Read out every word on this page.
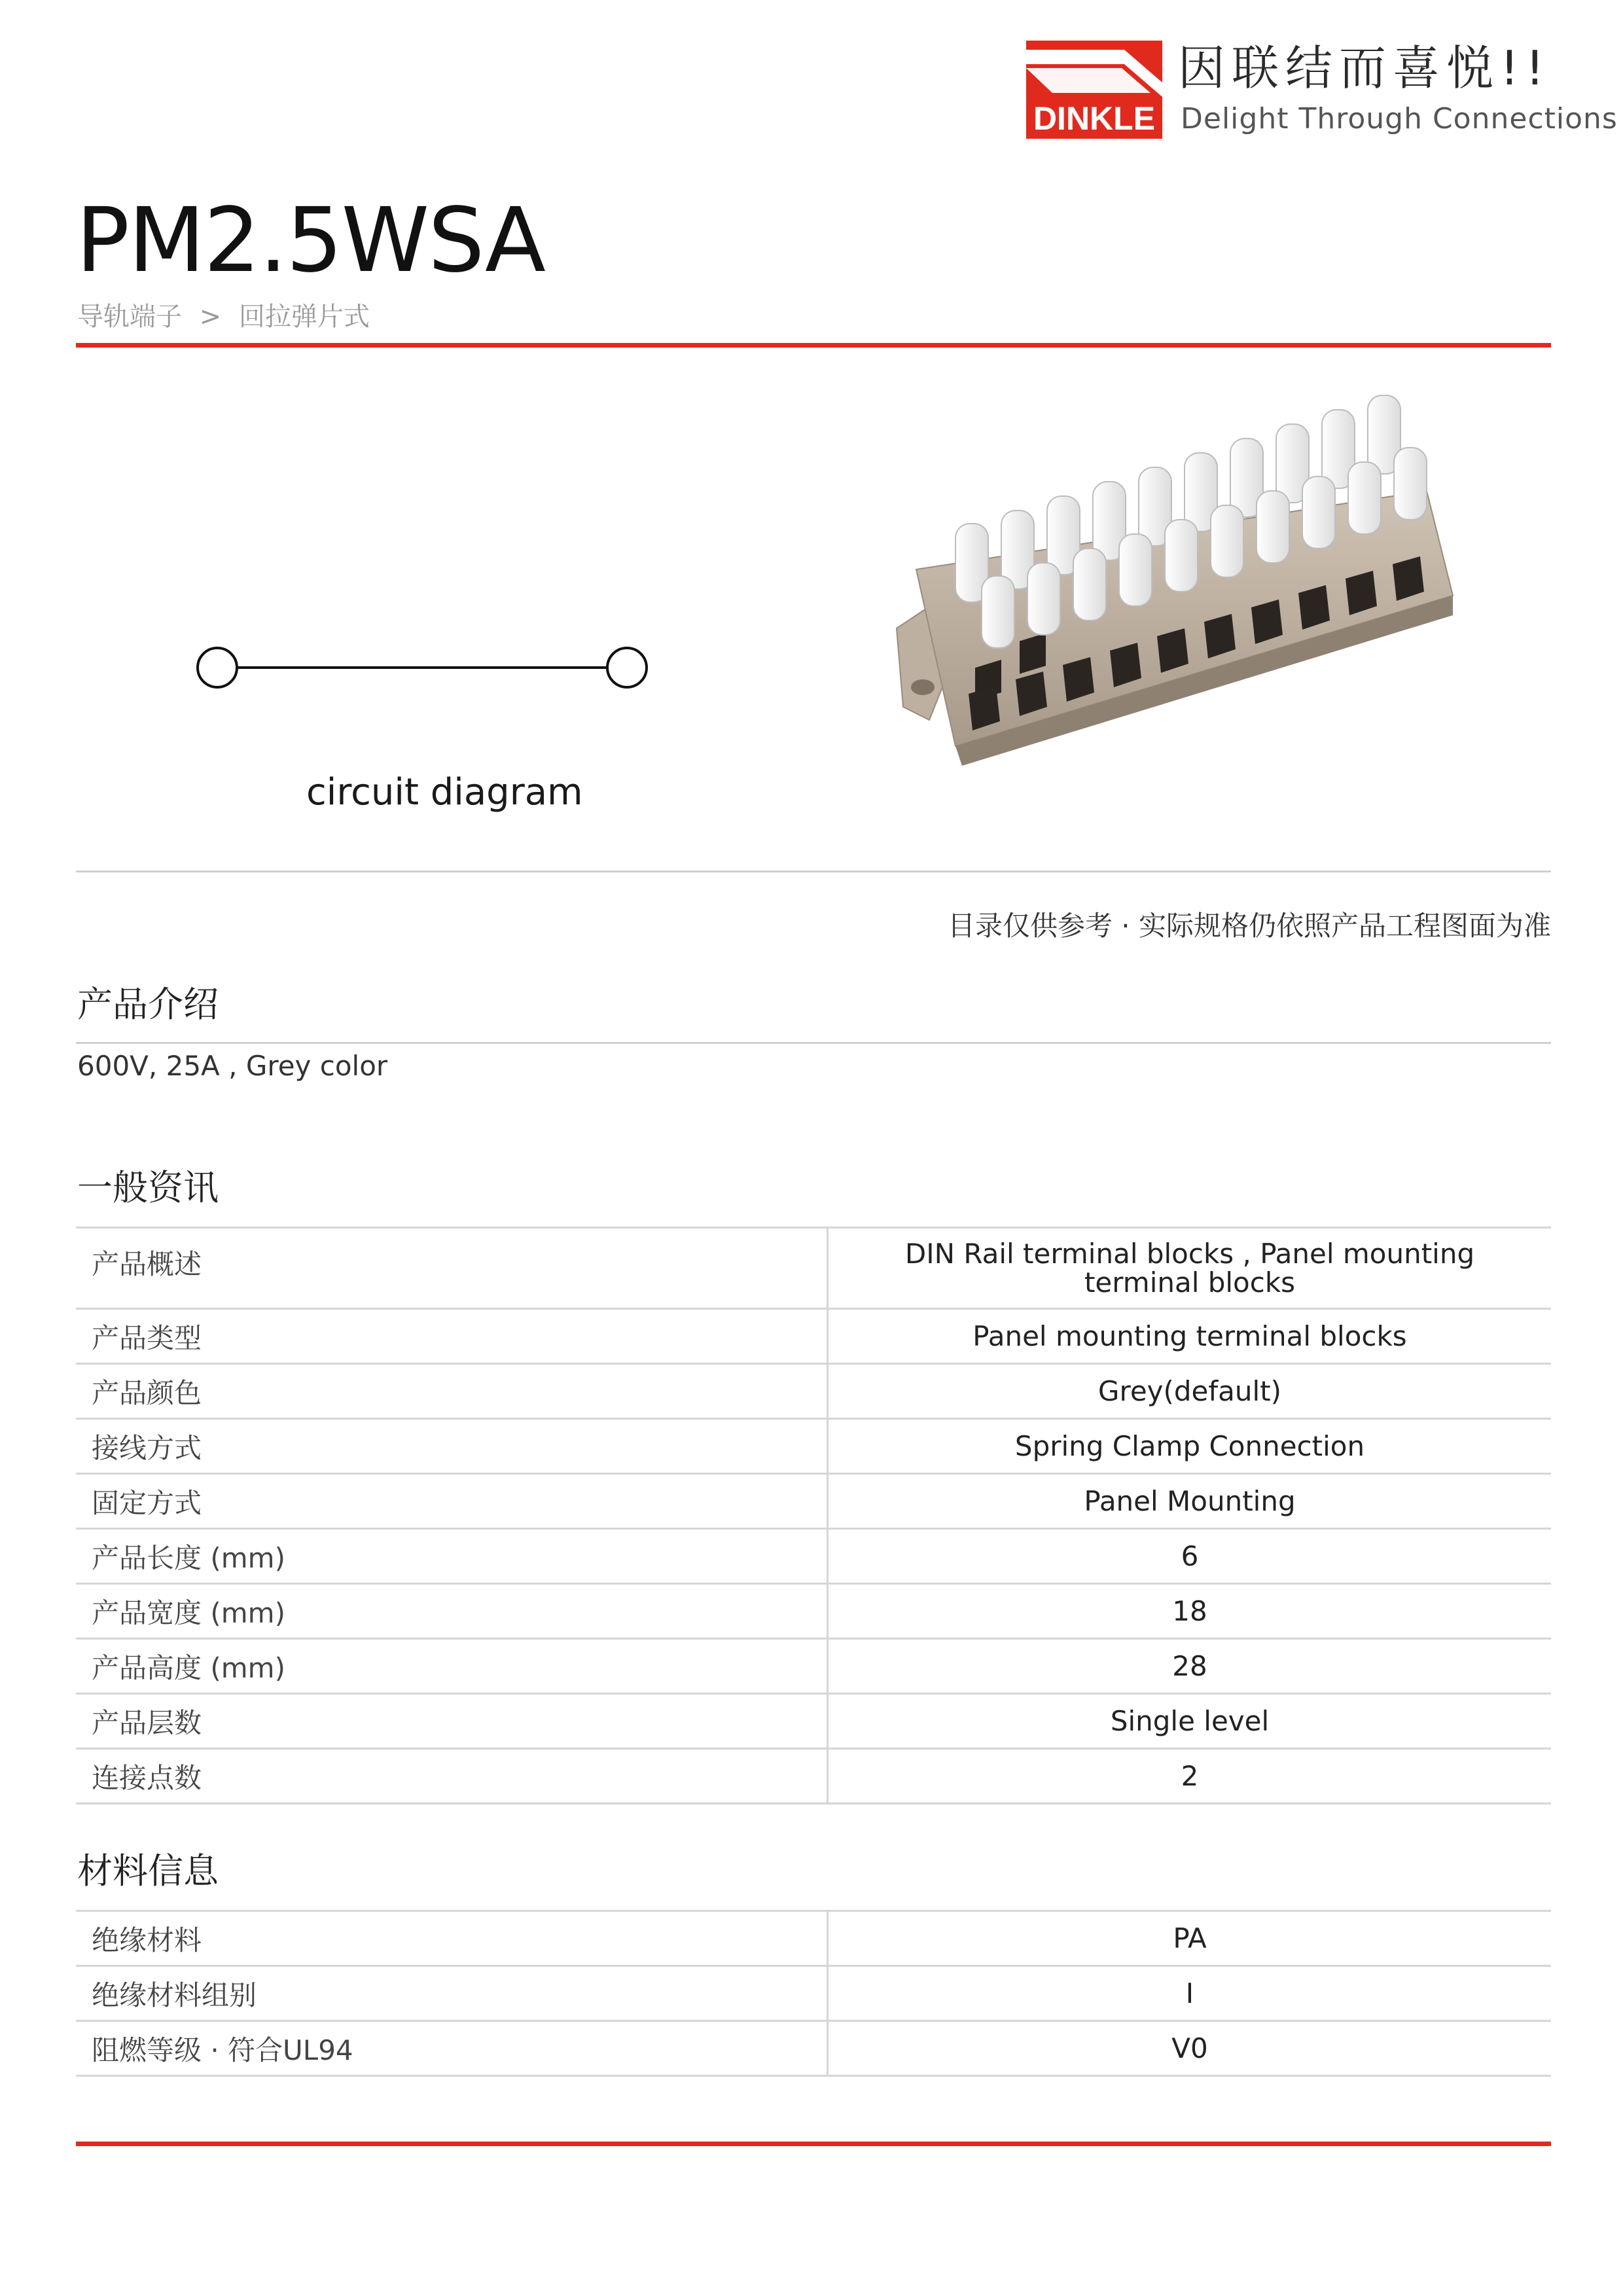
DINKLE
因联结而喜悦!!
Delight Through Connections
PM2.5WSA
导轨端子 > 回拉弹片式
circuit diagram
目录仅供参考 · 实际规格仍依照产品工程图面为准
产品介绍
600V, 25A , Grey color
一般资讯
产品概述	DIN Rail terminal blocks , Panel mounting terminal blocks
产品类型	Panel mounting terminal blocks
产品颜色	Grey(default)
接线方式	Spring Clamp Connection
固定方式	Panel Mounting
产品长度 (mm)	6
产品宽度 (mm)	18
产品高度 (mm)	28
产品层数	Single level
连接点数	2
材料信息
绝缘材料	PA
绝缘材料组别	I
阻燃等级 · 符合UL94	V0
